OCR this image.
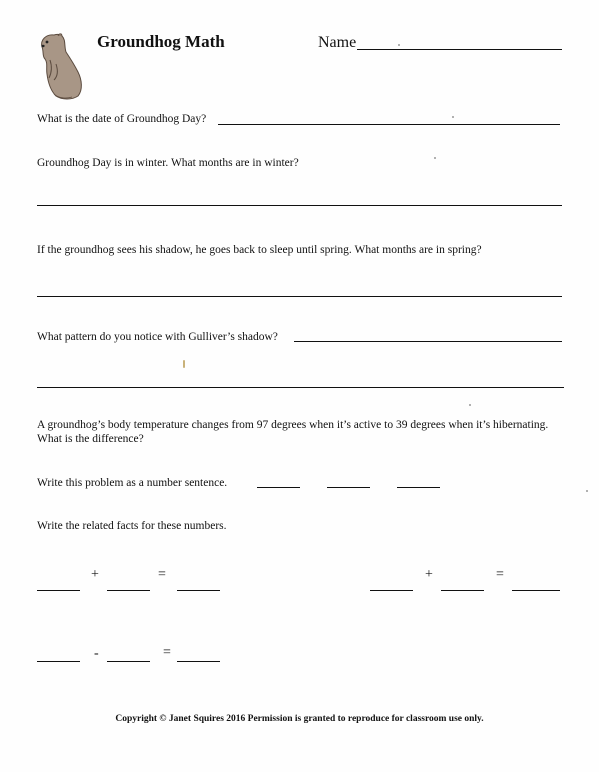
Groundhog Math	Name
What is the date of Groundhog Day?
Groundhog Day is in winter. What months are in winter?
If the groundhog sees his shadow, he goes back to sleep until spring. What months are in spring?
What pattern do you notice with Gulliver’s shadow?
A groundhog’s body temperature changes from 97 degrees when it’s active to 39 degrees when it’s hibernating.
What is the difference?
Write this problem as a number sentence.
Write the related facts for these numbers.
+	=	+	=
-	=
Copyright © Janet Squires 2016 Permission is granted to reproduce for classroom use only.
